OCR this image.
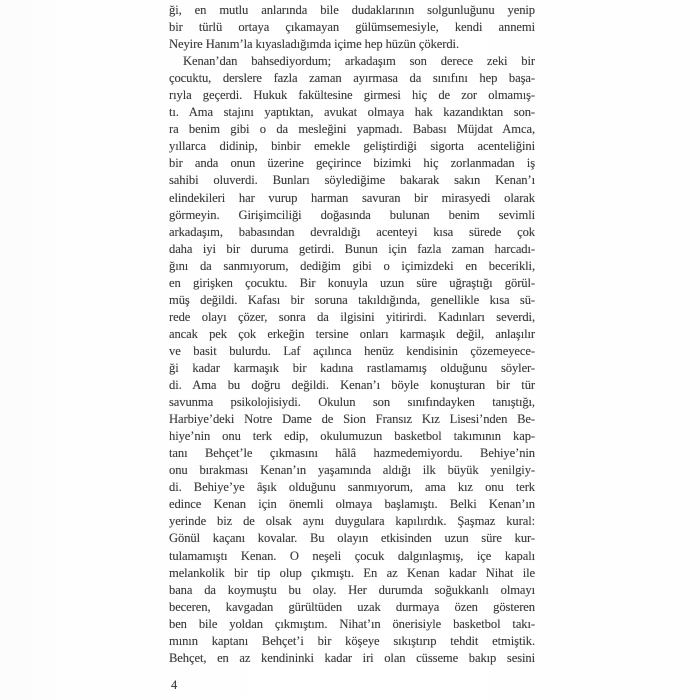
ği, en mutlu anlarında bile dudaklarının solgunluğunu yenip
bir türlü ortaya çıkamayan gülümsemesiyle, kendi annemi
Neyire Hanım’la kıyasladığımda içime hep hüzün çökerdi.
Kenan’dan bahsediyordum; arkadaşım son derece zeki bir
çocuktu, derslere fazla zaman ayırmasa da sınıfını hep başa-
rıyla geçerdi. Hukuk fakültesine girmesi hiç de zor olmamış-
tı. Ama stajını yaptıktan, avukat olmaya hak kazandıktan son-
ra benim gibi o da mesleğini yapmadı. Babası Müjdat Amca,
yıllarca didinip, binbir emekle geliştirdiği sigorta acenteliğini
bir anda onun üzerine geçirince bizimki hiç zorlanmadan iş
sahibi oluverdi. Bunları söylediğime bakarak sakın Kenan’ı
elindekileri har vurup harman savuran bir mirasyedi olarak
görmeyin. Girişimciliği doğasında bulunan benim sevimli
arkadaşım, babasından devraldığı acenteyi kısa sürede çok
daha iyi bir duruma getirdi. Bunun için fazla zaman harcadı-
ğını da sanmıyorum, dediğim gibi o içimizdeki en becerikli,
en girişken çocuktu. Bir konuyla uzun süre uğraştığı görül-
müş değildi. Kafası bir soruna takıldığında, genellikle kısa sü-
rede olayı çözer, sonra da ilgisini yitirirdi. Kadınları severdi,
ancak pek çok erkeğin tersine onları karmaşık değil, anlaşılır
ve basit bulurdu. Laf açılınca henüz kendisinin çözemeyece-
ği kadar karmaşık bir kadına rastlamamış olduğunu söyler-
di. Ama bu doğru değildi. Kenan’ı böyle konuşturan bir tür
savunma psikolojisiydi. Okulun son sınıfındayken tanıştığı,
Harbiye’deki Notre Dame de Sion Fransız Kız Lisesi’nden Be-
hiye’nin onu terk edip, okulumuzun basketbol takımının kap-
tanı Behçet’le çıkmasını hâlâ hazmedemiyordu. Behiye’nin
onu bırakması Kenan’ın yaşamında aldığı ilk büyük yenilgiy-
di. Behiye’ye âşık olduğunu sanmıyorum, ama kız onu terk
edince Kenan için önemli olmaya başlamıştı. Belki Kenan’ın
yerinde biz de olsak aynı duygulara kapılırdık. Şaşmaz kural:
Gönül kaçanı kovalar. Bu olayın etkisinden uzun süre kur-
tulamamıştı Kenan. O neşeli çocuk dalgınlaşmış, içe kapalı
melankolik bir tip olup çıkmıştı. En az Kenan kadar Nihat ile
bana da koymuştu bu olay. Her durumda soğukkanlı olmayı
beceren, kavgadan gürültüden uzak durmaya özen gösteren
ben bile yoldan çıkmıştım. Nihat’ın önerisiyle basketbol takı-
mının kaptanı Behçet’i bir köşeye sıkıştırıp tehdit etmiştik.
Behçet, en az kendininki kadar iri olan cüsseme bakıp sesini
4
